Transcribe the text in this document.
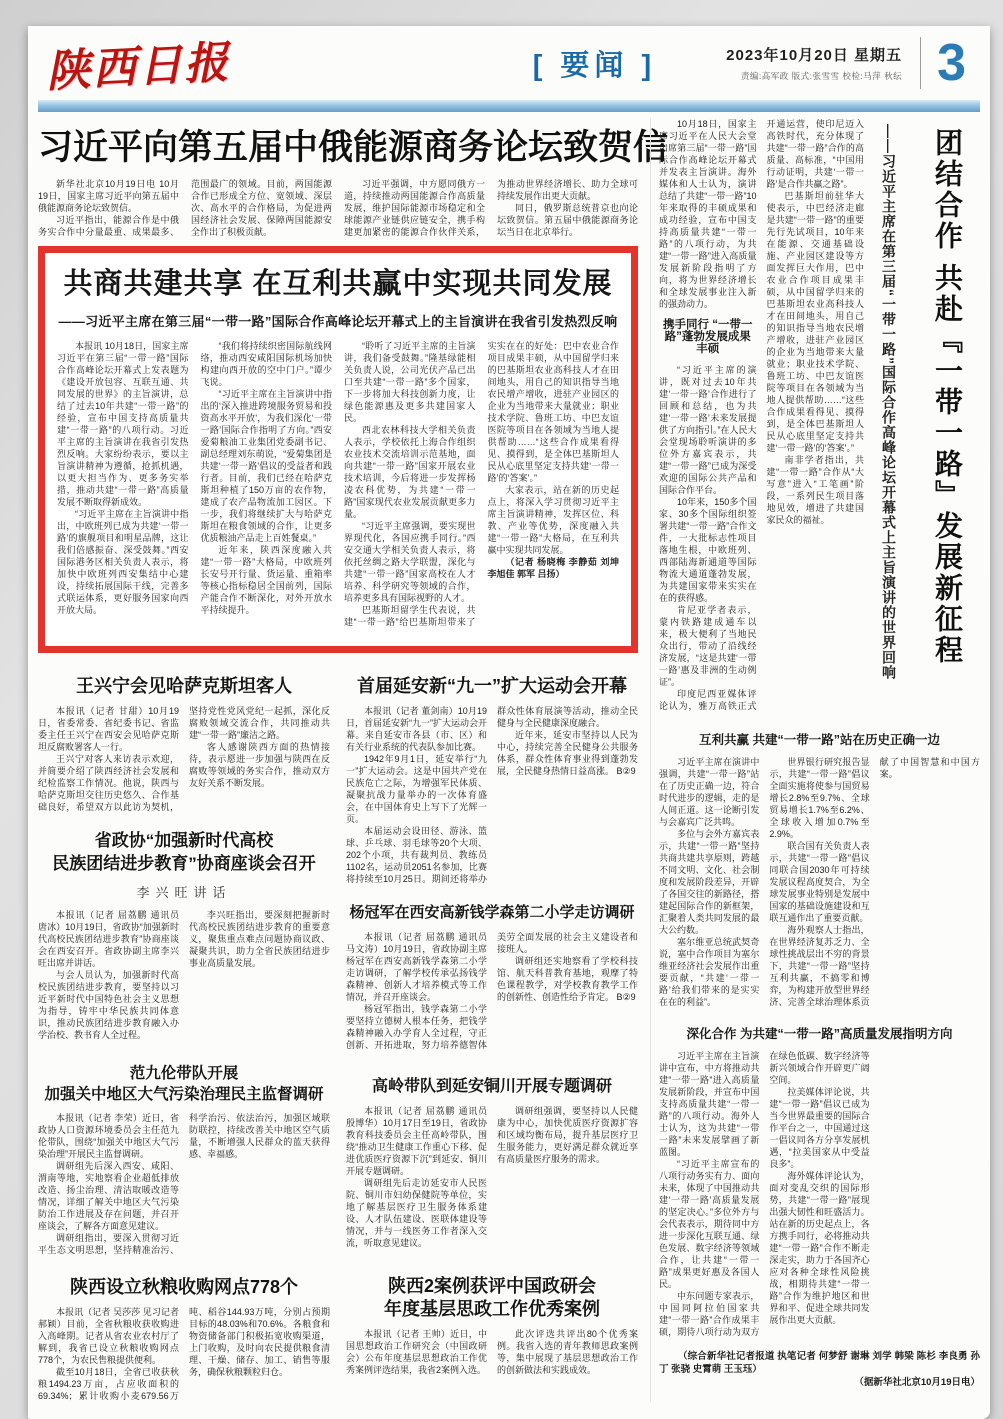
陕西日报	[ 要闻 ]	2023年10月20日 星期五
责编:高军政 版式:张雪雪 校检:马萍 秋纭 3
习近平向第五届中俄能源商务论坛致贺信

新华社北京10月19日电 10月19日，国家主席习近平向第五届中俄能源商务论坛致贺信。

习近平指出，能源合作是中俄务实合作中分量最重、成果最多、范围最广的领域。目前，两国能源合作已形成全方位、宽领域、深层次、高水平的合作格局，为促进两国经济社会发展、保障两国能源安全作出了积极贡献。

习近平强调，中方愿同俄方一道，持续推动两国能源合作高质量发展，维护国际能源市场稳定和全球能源产业链供应链安全，携手构建更加紧密的能源合作伙伴关系，为推动世界经济增长、助力全球可持续发展作出更大贡献。

同日，俄罗斯总统普京也向论坛致贺信。第五届中俄能源商务论坛当日在北京举行。

共商共建共享 在互利共赢中实现共同发展
——习近平主席在第三届“一带一路”国际合作高峰论坛开幕式上的主旨演讲在我省引发热烈反响

本报讯 10月18日，国家主席习近平在第三届“一带一路”国际合作高峰论坛开幕式上发表题为《建设开放包容、互联互通、共同发展的世界》的主旨演讲，总结了过去10年共建“一带一路”的经验，宣布中国支持高质量共建“一带一路”的八项行动。习近平主席的主旨演讲在我省引发热烈反响。大家纷纷表示，要以主旨演讲精神为遵循，抢抓机遇，以更大担当作为、更多务实举措，推动共建“一带一路”高质量发展不断取得新成效。

“习近平主席在主旨演讲中指出，中欧班列已成为共建‘一带一路’的旗舰项目和明星品牌，这让我们倍感振奋、深受鼓舞。”西安国际港务区相关负责人表示，将加快中欧班列西安集结中心建设，持续拓展国际干线，完善多式联运体系，更好服务国家向西开放大局。

“我们将持续织密国际航线网络，推动西安咸阳国际机场加快构建向西开放的空中门户。”谭少飞说。

“习近平主席在主旨演讲中指出的‘深入推进跨境服务贸易和投资高水平开放’，为我们深化‘一带一路’国际合作指明了方向。”西安爱菊粮油工业集团党委副书记、副总经理刘东萌说，“爱菊集团是共建‘一带一路’倡议的受益者和践行者。目前，我们已经在哈萨克斯坦种植了150万亩的农作物，建成了农产品物流加工园区。下一步，我们将继续扩大与哈萨克斯坦在粮食领域的合作，让更多优质粮油产品走上百姓餐桌。”

近年来，陕西深度融入共建“一带一路”大格局，中欧班列长安号开行量、货运量、重箱率等核心指标稳居全国前列，国际产能合作不断深化，对外开放水平持续提升。

“聆听了习近平主席的主旨演讲，我们备受鼓舞。”隆基绿能相关负责人说，公司光伏产品已出口至共建“一带一路”多个国家，下一步将加大科技创新力度，让绿色能源惠及更多共建国家人民。

西北农林科技大学相关负责人表示，学校依托上海合作组织农业技术交流培训示范基地，面向共建“一带一路”国家开展农业技术培训，今后将进一步发挥杨凌农科优势，为共建“一带一路”国家现代农业发展贡献更多力量。

“习近平主席强调，要实现世界现代化，各国应携手同行。”西安交通大学相关负责人表示，将依托丝绸之路大学联盟，深化与共建“一带一路”国家高校在人才培养、科学研究等领域的合作，培养更多具有国际视野的人才。

巴基斯坦留学生代表说，共建“一带一路”给巴基斯坦带来了实实在在的好处：巴中农业合作项目成果丰硕，从中国留学归来的巴基斯坦农业高科技人才在田间地头，用自己的知识指导当地农民增产增收，进驻产业园区的企业为当地带来大量就业；职业技术学院、鲁班工坊、中巴友谊医院等项目在各领域为当地人提供帮助……“这些合作成果看得见、摸得到，是全体巴基斯坦人民从心底里坚定支持共建‘一带一路’的‘答案’。”

大家表示，站在新的历史起点上，将深入学习贯彻习近平主席主旨演讲精神，发挥区位、科教、产业等优势，深度融入共建“一带一路”大格局，在互利共赢中实现共同发展。

（记者 杨晓梅 李静茹 刘坤 李旭佳 郭军 吕扬）

王兴宁会见哈萨克斯坦客人

本报讯（记者 甘甜）10月19日，省委常委、省纪委书记、省监委主任王兴宁在西安会见哈萨克斯坦反腐败署客人一行。

王兴宁对客人来访表示欢迎，并简要介绍了陕西经济社会发展和纪检监察工作情况。他说，陕西与哈萨克斯坦交往历史悠久、合作基础良好，希望双方以此访为契机，坚持党性党风党纪一起抓，深化反腐败领域交流合作，共同推动共建“一带一路”廉洁之路。

客人感谢陕西方面的热情接待，表示愿进一步加强与陕西在反腐败等领域的务实合作，推动双方友好关系不断发展。

省政协“加强新时代高校
民族团结进步教育”协商座谈会召开
李兴旺讲话

本报讯（记者 屈荔鹏 通讯员 唐冰）10月19日，省政协“加强新时代高校民族团结进步教育”协商座谈会在西安召开。省政协副主席李兴旺出席并讲话。

与会人员认为，加强新时代高校民族团结进步教育，要坚持以习近平新时代中国特色社会主义思想为指导，铸牢中华民族共同体意识，推动民族团结进步教育融入办学治校、教书育人全过程。

李兴旺指出，要深刻把握新时代高校民族团结进步教育的重要意义，聚焦重点难点问题协商议政、凝聚共识，助力全省民族团结进步事业高质量发展。

范九伦带队开展
加强关中地区大气污染治理民主监督调研

本报讯（记者 李荣）近日，省政协人口资源环境委员会主任范九伦带队，围绕“加强关中地区大气污染治理”开展民主监督调研。

调研组先后深入西安、咸阳、渭南等地，实地察看企业超低排放改造、扬尘治理、清洁取暖改造等情况，详细了解关中地区大气污染防治工作进展及存在问题，并召开座谈会，了解各方面意见建议。

调研组指出，要深入贯彻习近平生态文明思想，坚持精准治污、科学治污、依法治污，加强区域联防联控，持续改善关中地区空气质量，不断增强人民群众的蓝天获得感、幸福感。

陕西设立秋粮收购网点778个

本报讯（记者 吴莎莎 见习记者 郝颖）目前，全省秋粮收获收购进入高峰期。记者从省农业农村厅了解到，我省已设立秋粮收购网点778个，为农民售粮提供便利。

截至10月18日，全省已收获秋粮1494.23万亩，占应收面积的69.34%；累计收购小麦679.56万吨、稻谷144.93万吨，分别占预期目标的48.03%和70.6%。各粮食和物资储备部门积极拓宽收购渠道，上门收购，及时向农民提供粮食清理、干燥、储存、加工、销售等服务，确保秋粮颗粒归仓。

首届延安新“九一”扩大运动会开幕

本报讯（记者 董剑南）10月19日，首届延安新“九一”扩大运动会开幕。来自延安市各县（市、区）和有关行业系统的代表队参加比赛。

1942年9月1日，延安举行“九一”扩大运动会。这是中国共产党在民族危亡之际，为增强军民体质、凝聚抗战力量举办的一次体育盛会，在中国体育史上写下了光辉一页。

本届运动会设田径、游泳、篮球、乒乓球、羽毛球等20个大项、202个小项，共有裁判员、教练员1102名，运动员2051名参加，比赛将持续至10月25日。期间还将举办群众性体育展演等活动，推动全民健身与全民健康深度融合。

近年来，延安市坚持以人民为中心，持续完善全民健身公共服务体系，群众性体育事业得到蓬勃发展，全民健身热情日益高涨。 B②9

杨冠军在西安高新钱学森第二小学走访调研

本报讯（记者 屈荔鹏 通讯员 马文涛）10月19日，省政协副主席杨冠军在西安高新钱学森第二小学走访调研，了解学校传承弘扬钱学森精神、创新人才培养模式等工作情况，并召开座谈会。

杨冠军指出，钱学森第二小学要坚持立德树人根本任务，把钱学森精神融入办学育人全过程，守正创新、开拓进取，努力培养德智体美劳全面发展的社会主义建设者和接班人。

调研组还实地察看了学校科技馆、航天科普教育基地，观摩了特色课程教学，对学校教育教学工作的创新性、创造性给予肯定。 B②9

高岭带队到延安铜川开展专题调研

本报讯（记者 屈荔鹏 通讯员 殷博华）10月17日至19日，省政协教育科技委员会主任高岭带队，围绕“推动卫生健康工作重心下移、促进优质医疗资源下沉”到延安、铜川开展专题调研。

调研组先后走访延安市人民医院、铜川市妇幼保健院等单位，实地了解基层医疗卫生服务体系建设、人才队伍建设、医联体建设等情况，并与一线医务工作者深入交流，听取意见建议。

调研组强调，要坚持以人民健康为中心，加快优质医疗资源扩容和区域均衡布局，提升基层医疗卫生服务能力，更好满足群众就近享有高质量医疗服务的需求。

陕西2案例获评中国政研会
年度基层思政工作优秀案例

本报讯（记者 王帅）近日，中国思想政治工作研究会（中国政研会）公布年度基层思想政治工作优秀案例评选结果，我省2案例入选。

此次评选共评出80个优秀案例。我省入选的青年教师思政案例等，集中展现了基层思想政治工作的创新做法和实践成效。

10月18日，国家主席习近平在人民大会堂出席第三届“一带一路”国际合作高峰论坛开幕式并发表主旨演讲。海外媒体和人士认为，演讲总结了共建“一带一路”10年来取得的丰硕成果和成功经验，宣布中国支持高质量共建“一带一路”的八项行动，为共建“一带一路”进入高质量发展新阶段指明了方向，将为世界经济增长和全球发展事业注入新的强劲动力。

携手同行 “一带一路”蓬勃发展成果丰硕

“习近平主席的演讲，既对过去10年共建‘一带一路’合作进行了回顾和总结，也为共建‘一带一路’未来发展提供了方向指引。”在人民大会堂现场聆听演讲的多位外方嘉宾表示，共建“一带一路”已成为深受欢迎的国际公共产品和国际合作平台。

10年来，150多个国家、30多个国际组织签署共建“一带一路”合作文件，一大批标志性项目落地生根，中欧班列、西部陆海新通道等国际物流大通道蓬勃发展，为共建国家带来实实在在的获得感。

肯尼亚学者表示，蒙内铁路建成通车以来，极大便利了当地民众出行，带动了沿线经济发展，“这是共建‘一带一路’惠及非洲的生动例证”。

印度尼西亚媒体评论认为，雅万高铁正式开通运营，使印尼迈入高铁时代，充分体现了共建“一带一路”合作的高质量、高标准，“中国用行动证明，共建‘一带一路’是合作共赢之路”。

巴基斯坦前驻华大使表示，中巴经济走廊是共建“一带一路”的重要先行先试项目，10年来在能源、交通基础设施、产业园区建设等方面发挥巨大作用，巴中农业合作项目成果丰硕，从中国留学归来的巴基斯坦农业高科技人才在田间地头，用自己的知识指导当地农民增产增收，进驻产业园区的企业为当地带来大量就业；职业技术学院、鲁班工坊、中巴友谊医院等项目在各领域为当地人提供帮助……“这些合作成果看得见、摸得到，是全体巴基斯坦人民从心底里坚定支持共建‘一带一路’的‘答案’。”

南非学者指出，共建“一带一路”合作从“大写意”进入“工笔画”阶段，一系列民生项目落地见效，增进了共建国家民众的福祉。	——习近平主席在第三届“一带一路”国际合作高峰论坛开幕式上主旨演讲的世界回响 团结合作 共赴『一带一路』发展新征程
互利共赢 共建“一带一路”站在历史正确一边

习近平主席在演讲中强调，共建“一带一路”站在了历史正确一边，符合时代进步的逻辑，走的是人间正道。这一论断引发与会嘉宾广泛共鸣。

多位与会外方嘉宾表示，共建“一带一路”坚持共商共建共享原则，跨越不同文明、文化、社会制度和发展阶段差异，开辟了各国交往的新路径，搭建起国际合作的新框架，汇聚着人类共同发展的最大公约数。

塞尔维亚总统武契奇说，塞中合作项目为塞尔维亚经济社会发展作出重要贡献，“共建‘一带一路’给我们带来的是实实在在的利益”。

世界银行研究报告显示，共建“一带一路”倡议全面实施将使参与国贸易增长2.8%至9.7%、全球贸易增长1.7%至6.2%、全球收入增加0.7%至2.9%。

联合国有关负责人表示，共建“一带一路”倡议同联合国2030年可持续发展议程高度契合，为全球发展事业特别是发展中国家的基础设施建设和互联互通作出了重要贡献。

海外观察人士指出，在世界经济复苏乏力、全球性挑战层出不穷的背景下，共建“一带一路”坚持互利共赢，不搞零和博弈，为构建开放型世界经济、完善全球治理体系贡献了中国智慧和中国方案。

深化合作 为共建“一带一路”高质量发展指明方向

习近平主席在主旨演讲中宣布，中方将推动共建“一带一路”进入高质量发展新阶段，并宣布中国支持高质量共建“一带一路”的八项行动。海外人士认为，这为共建“一带一路”未来发展擘画了新蓝图。

“习近平主席宣布的八项行动务实有力、面向未来，体现了中国推动共建‘一带一路’高质量发展的坚定决心。”多位外方与会代表表示，期待同中方进一步深化互联互通、绿色发展、数字经济等领域合作，让共建“一带一路”成果更好惠及各国人民。

中东问题专家表示，中国同阿拉伯国家共建“一带一路”合作成果丰硕，期待八项行动为双方在绿色低碳、数字经济等新兴领域合作开辟更广阔空间。

拉美媒体评论说，共建“一带一路”倡议已成为当今世界最重要的国际合作平台之一，中国通过这一倡议同各方分享发展机遇，“拉美国家从中受益良多”。

海外媒体评论认为，面对变乱交织的国际形势，共建“一带一路”展现出强大韧性和旺盛活力。站在新的历史起点上，各方携手同行，必将推动共建“一带一路”合作不断走深走实，助力于各国齐心应对各种全球性风险挑战，相期待共建“一带一路”合作为维护地区和世界和平、促进全球共同发展作出更大贡献。

（综合新华社记者报道 执笔记者 何梦舒 谢琳 刘学 韩梁 陈杉 李良勇 孙丁 张骁 史霄萌 王玉珏）

（据新华社北京10月19日电）
